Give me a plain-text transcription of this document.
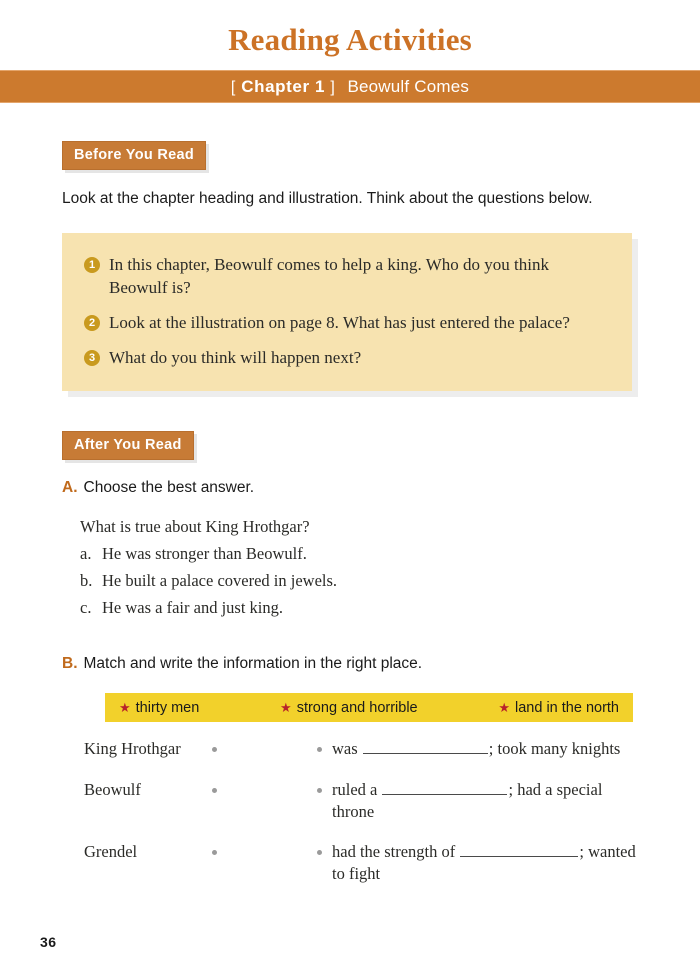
Reading Activities
[ Chapter 1 ] Beowulf Comes
Before You Read

Look at the chapter heading and illustration. Think about the questions below.

1 In this chapter, Beowulf comes to help a king. Who do you think Beowulf is?
2 Look at the illustration on page 8. What has just entered the palace?
3 What do you think will happen next?
After You Read
A. Choose the best answer.
What is true about King Hrothgar?
a. He was stronger than Beowulf.
b. He built a palace covered in jewels.
c. He was a fair and just king.
B. Match and write the information in the right place.
★ thirty men	★ strong and horrible	★ land in the north
King Hrothgar	was	; took many knights
Beowulf	ruled a	; had a special throne
Grendel	had the strength of	; wanted to fight
36
